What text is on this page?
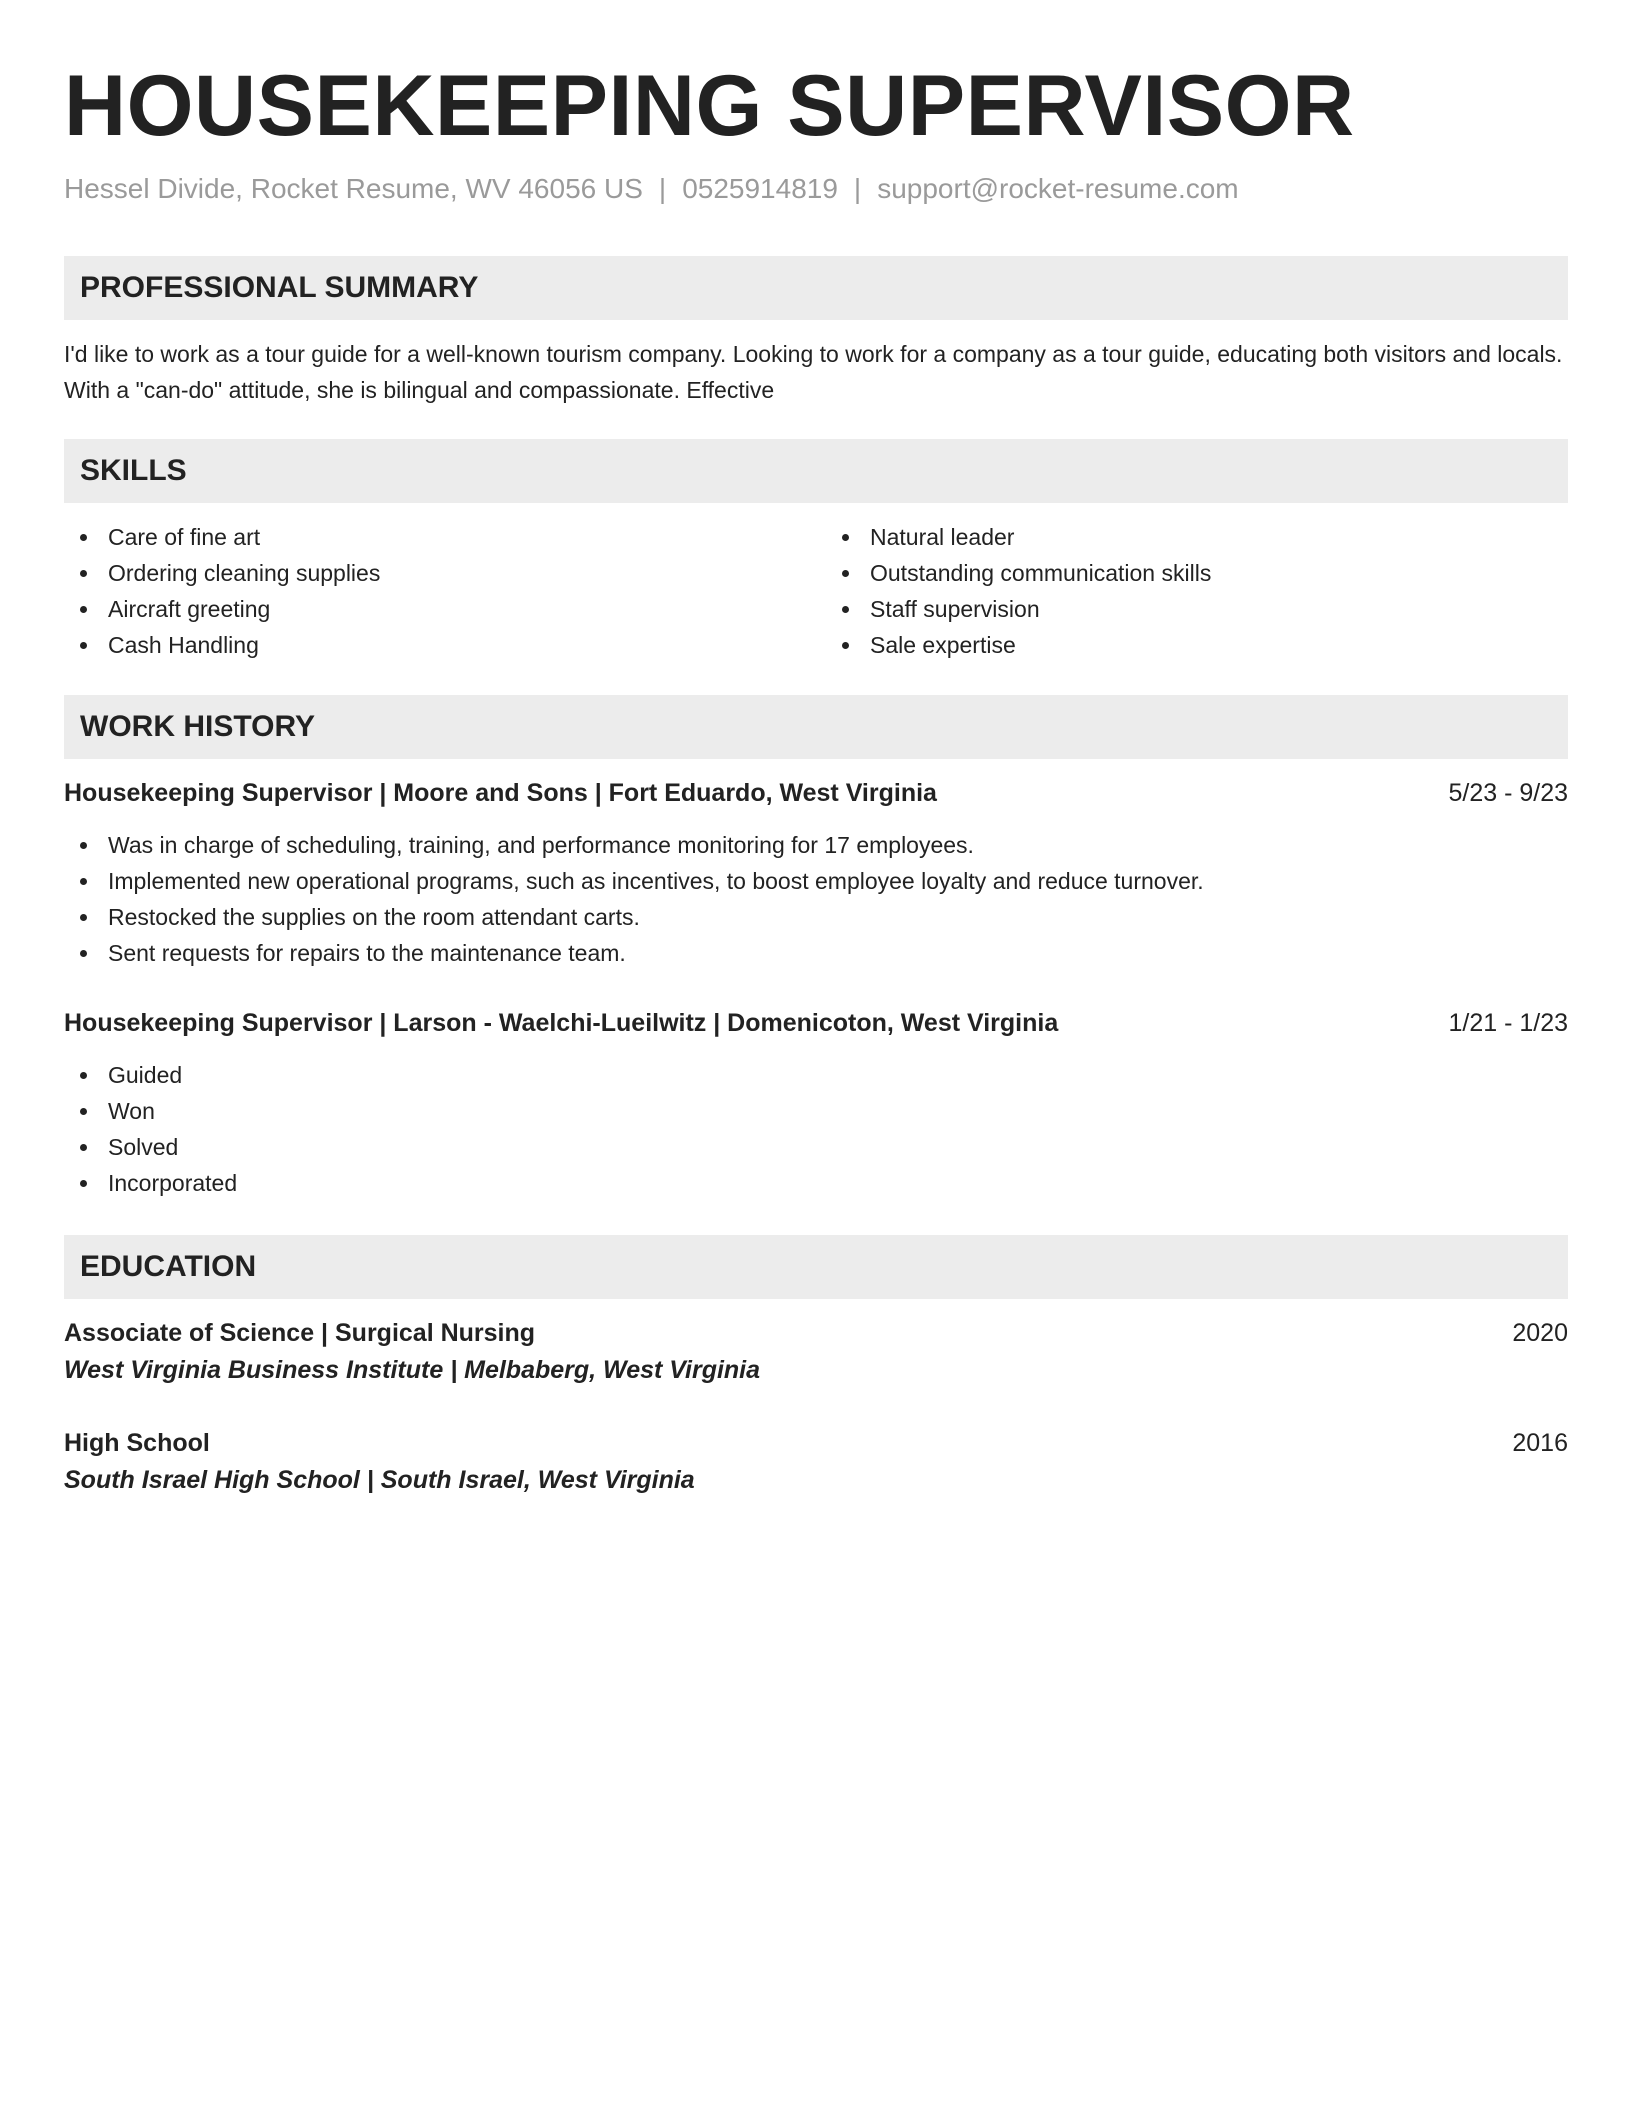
HOUSEKEEPING SUPERVISOR
Hessel Divide, Rocket Resume, WV 46056 US | 0525914819 | support@rocket-resume.com
PROFESSIONAL SUMMARY
I'd like to work as a tour guide for a well-known tourism company. Looking to work for a company as a tour guide, educating both visitors and locals. With a "can-do" attitude, she is bilingual and compassionate. Effective
SKILLS
Care of fine art
Ordering cleaning supplies
Aircraft greeting
Cash Handling
Natural leader
Outstanding communication skills
Staff supervision
Sale expertise
WORK HISTORY
Housekeeping Supervisor | Moore and Sons | Fort Eduardo, West Virginia	5/23 - 9/23
Was in charge of scheduling, training, and performance monitoring for 17 employees.
Implemented new operational programs, such as incentives, to boost employee loyalty and reduce turnover.
Restocked the supplies on the room attendant carts.
Sent requests for repairs to the maintenance team.
Housekeeping Supervisor | Larson - Waelchi-Lueilwitz | Domenicoton, West Virginia	1/21 - 1/23
Guided
Won
Solved
Incorporated
EDUCATION
Associate of Science | Surgical Nursing	2020
West Virginia Business Institute | Melbaberg, West Virginia
High School	2016
South Israel High School | South Israel, West Virginia
